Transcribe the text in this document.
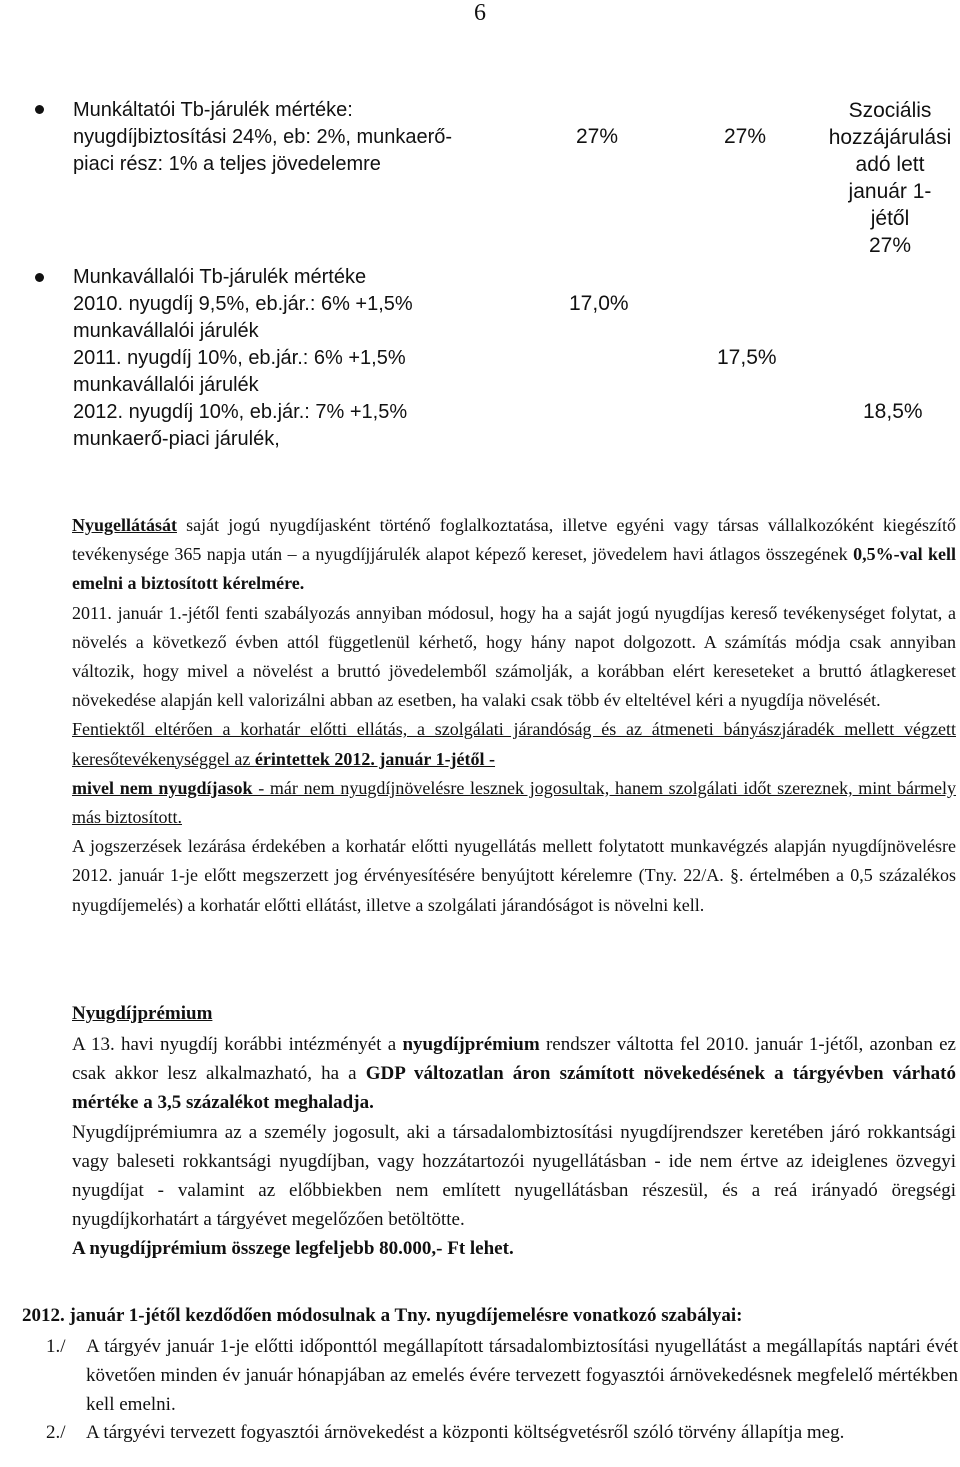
6
Munkáltatói Tb-járulék mértéke:
nyugdíjbiztosítási 24%, eb: 2%, munkaerő-
piaci rész: 1% a teljes jövedelemre
27%	27%
Szociális
hozzájárulási
adó lett
január 1-
jétől
27%
Munkavállalói Tb-járulék mértéke
2010. nyugdíj 9,5%, eb.jár.: 6% +1,5%
munkavállalói járulék
2011. nyugdíj 10%, eb.jár.: 6% +1,5%
munkavállalói járulék
2012. nyugdíj 10%, eb.jár.: 7% +1,5%
munkaerő-piaci járulék,
17,0%
17,5%
18,5%

Nyugellátását saját jogú nyugdíjasként történő foglalkoztatása, illetve egyéni vagy társas vállalkozóként kiegészítő tevékenysége 365 napja után – a nyugdíjjárulék alapot képező kereset, jövedelem havi átlagos összegének 0,5%-val kell emelni a biztosított kérelmére.

2011. január 1.-jétől fenti szabályozás annyiban módosul, hogy ha a saját jogú nyugdíjas kereső tevékenységet folytat, a növelés a következő évben attól függetlenül kérhető, hogy hány napot dolgozott. A számítás módja csak annyiban változik, hogy mivel a növelést a bruttó jövedelemből számolják, a korábban elért kereseteket a bruttó átlagkereset növekedése alapján kell valorizálni abban az esetben, ha valaki csak több év elteltével kéri a nyugdíja növelését.

Fentiektől eltérően a korhatár előtti ellátás, a szolgálati járandóság és az átmeneti bányászjáradék mellett végzett keresőtevékenységgel az érintettek 2012. január 1-jétől -
mivel nem nyugdíjasok - már nem nyugdíjnövelésre lesznek jogosultak, hanem szolgálati időt szereznek, mint bármely más biztosított.

A jogszerzések lezárása érdekében a korhatár előtti nyugellátás mellett folytatott munkavégzés alapján nyugdíjnövelésre 2012. január 1-je előtt megszerzett jog érvényesítésére benyújtott kérelemre (Tny. 22/A. §. értelmében a 0,5 százalékos nyugdíjemelés) a korhatár előtti ellátást, illetve a szolgálati járandóságot is növelni kell.

Nyugdíjprémium

A 13. havi nyugdíj korábbi intézményét a nyugdíjprémium rendszer váltotta fel 2010. január 1-jétől, azonban ez csak akkor lesz alkalmazható, ha a GDP változatlan áron számított növekedésének a tárgyévben várható mértéke a 3,5 százalékot meghaladja.

Nyugdíjprémiumra az a személy jogosult, aki a társadalombiztosítási nyugdíjrendszer keretében járó rokkantsági vagy baleseti rokkantsági nyugdíjban, vagy hozzátartozói nyugellátásban - ide nem értve az ideiglenes özvegyi nyugdíjat - valamint az előbbiekben nem említett nyugellátásban részesül, és a reá irányadó öregségi nyugdíjkorhatárt a tárgyévet megelőzően betöltötte.

A nyugdíjprémium összege legfeljebb 80.000,- Ft lehet.

2012. január 1-jétől kezdődően módosulnak a Tny. nyugdíjemelésre vonatkozó szabályai:
1./ A tárgyév január 1-je előtti időponttól megállapított társadalombiztosítási nyugellátást a megállapítás naptári évét követően minden év január hónapjában az emelés évére tervezett fogyasztói árnövekedésnek megfelelő mértékben kell emelni.
2./ A tárgyévi tervezett fogyasztói árnövekedést a központi költségvetésről szóló törvény állapítja meg.
